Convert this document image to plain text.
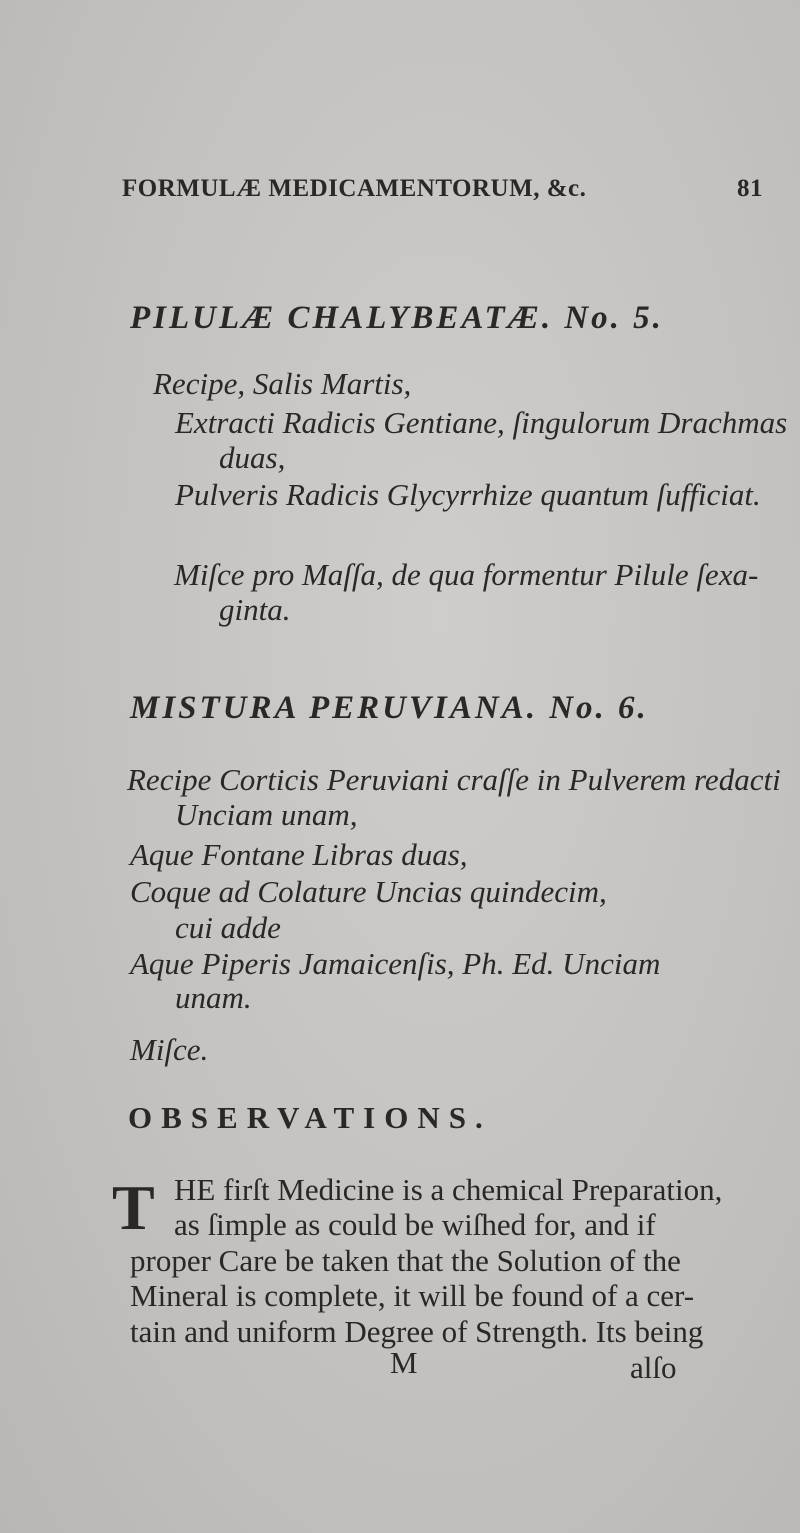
FORMULÆ MEDICAMENTORUM, &c.	81
PILULÆ CHALYBEATÆ. No. 5.
Recipe, Salis Martis,
Extracti Radicis Gentiane, ſingulorum Drachmas
duas,
Pulveris Radicis Glycyrrhize quantum ſufficiat.
Miſce pro Maſſa, de qua formentur Pilule ſexa-
ginta.
MISTURA PERUVIANA. No. 6.
Recipe Corticis Peruviani craſſe in Pulverem redacti
Unciam unam,
Aque Fontane Libras duas,
Coque ad Colature Uncias quindecim,
cui adde
Aque Piperis Jamaicenſis, Ph. Ed. Unciam
unam.
Miſce.
OBSERVATIONS.
T HE firſt Medicine is a chemical Preparation,
as ſimple as could be wiſhed for, and if
proper Care be taken that the Solution of the
Mineral is complete, it will be found of a cer-
tain and uniform Degree of Strength. Its being
M	alſo
